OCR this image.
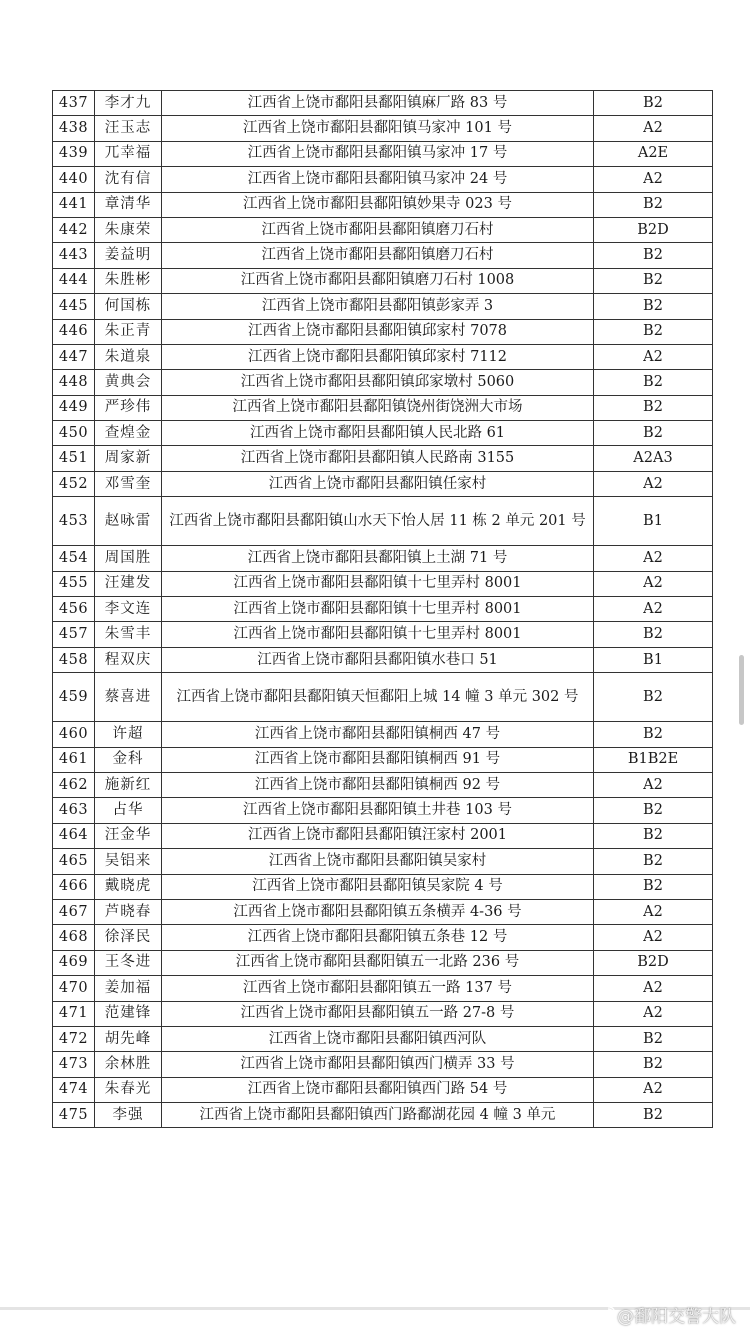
437	李才九	江西省上饶市鄱阳县鄱阳镇麻厂路 83 号	B2
438	汪玉志	江西省上饶市鄱阳县鄱阳镇马家冲 101 号	A2
439	兀幸福	江西省上饶市鄱阳县鄱阳镇马家冲 17 号	A2E
440	沈有信	江西省上饶市鄱阳县鄱阳镇马家冲 24 号	A2
441	章清华	江西省上饶市鄱阳县鄱阳镇妙果寺 023 号	B2
442	朱康荣	江西省上饶市鄱阳县鄱阳镇磨刀石村	B2D
443	姜益明	江西省上饶市鄱阳县鄱阳镇磨刀石村	B2
444	朱胜彬	江西省上饶市鄱阳县鄱阳镇磨刀石村 1008	B2
445	何国栋	江西省上饶市鄱阳县鄱阳镇彭家弄 3	B2
446	朱正青	江西省上饶市鄱阳县鄱阳镇邱家村 7078	B2
447	朱道泉	江西省上饶市鄱阳县鄱阳镇邱家村 7112	A2
448	黄典会	江西省上饶市鄱阳县鄱阳镇邱家墩村 5060	B2
449	严珍伟	江西省上饶市鄱阳县鄱阳镇饶州街饶洲大市场	B2
450	查煌金	江西省上饶市鄱阳县鄱阳镇人民北路 61	B2
451	周家新	江西省上饶市鄱阳县鄱阳镇人民路南 3155	A2A3
452	邓雪奎	江西省上饶市鄱阳县鄱阳镇任家村	A2
453	赵咏雷	江西省上饶市鄱阳县鄱阳镇山水天下怡人居 11 栋 2 单元 201 号	B1
454	周国胜	江西省上饶市鄱阳县鄱阳镇上土湖 71 号	A2
455	汪建发	江西省上饶市鄱阳县鄱阳镇十七里弄村 8001	A2
456	李文连	江西省上饶市鄱阳县鄱阳镇十七里弄村 8001	A2
457	朱雪丰	江西省上饶市鄱阳县鄱阳镇十七里弄村 8001	B2
458	程双庆	江西省上饶市鄱阳县鄱阳镇水巷口 51	B1
459	蔡喜进	江西省上饶市鄱阳县鄱阳镇天恒鄱阳上城 14 幢 3 单元 302 号	B2
460	许超	江西省上饶市鄱阳县鄱阳镇桐西 47 号	B2
461	金科	江西省上饶市鄱阳县鄱阳镇桐西 91 号	B1B2E
462	施新红	江西省上饶市鄱阳县鄱阳镇桐西 92 号	A2
463	占华	江西省上饶市鄱阳县鄱阳镇土井巷 103 号	B2
464	汪金华	江西省上饶市鄱阳县鄱阳镇汪家村 2001	B2
465	吴铝来	江西省上饶市鄱阳县鄱阳镇吴家村	B2
466	戴晓虎	江西省上饶市鄱阳县鄱阳镇吴家院 4 号	B2
467	芦晓春	江西省上饶市鄱阳县鄱阳镇五条横弄 4-36 号	A2
468	徐泽民	江西省上饶市鄱阳县鄱阳镇五条巷 12 号	A2
469	王冬进	江西省上饶市鄱阳县鄱阳镇五一北路 236 号	B2D
470	姜加福	江西省上饶市鄱阳县鄱阳镇五一路 137 号	A2
471	范建锋	江西省上饶市鄱阳县鄱阳镇五一路 27-8 号	A2
472	胡先峰	江西省上饶市鄱阳县鄱阳镇西河队	B2
473	余林胜	江西省上饶市鄱阳县鄱阳镇西门横弄 33 号	B2
474	朱春光	江西省上饶市鄱阳县鄱阳镇西门路 54 号	A2
475	李强	江西省上饶市鄱阳县鄱阳镇西门路鄱湖花园 4 幢 3 单元	B2
@鄱阳交警大队
